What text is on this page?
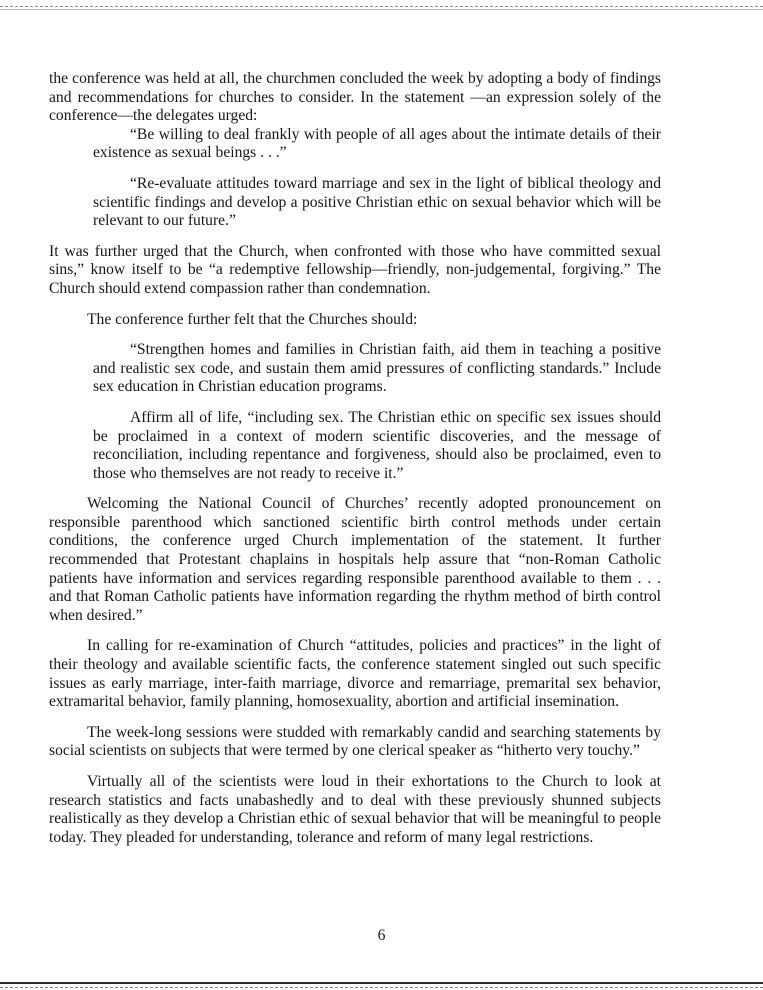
the conference was held at all, the churchmen concluded the week by adopting a body of findings and recommendations for churches to consider. In the statement —an expression solely of the conference—the delegates urged:

“Be willing to deal frankly with people of all ages about the intimate details of their existence as sexual beings . . .”

“Re-evaluate attitudes toward marriage and sex in the light of biblical theology and scientific findings and develop a positive Christian ethic on sexual behavior which will be relevant to our future.”

It was further urged that the Church, when confronted with those who have committed sexual sins,” know itself to be “a redemptive fellowship—friendly, non-judgemental, forgiving.” The Church should extend compassion rather than condemnation.

The conference further felt that the Churches should:

“Strengthen homes and families in Christian faith, aid them in teaching a positive and realistic sex code, and sustain them amid pressures of conflicting standards.” Include sex education in Christian education programs.

Affirm all of life, “including sex. The Christian ethic on specific sex issues should be proclaimed in a context of modern scientific discoveries, and the message of reconciliation, including repentance and forgiveness, should also be proclaimed, even to those who themselves are not ready to receive it.”

Welcoming the National Council of Churches’ recently adopted pronouncement on responsible parenthood which sanctioned scientific birth control methods under certain conditions, the conference urged Church implementation of the statement. It further recommended that Protestant chaplains in hospitals help assure that “non-Roman Catholic patients have information and services regarding responsible parenthood available to them . . . and that Roman Catholic patients have information regarding the rhythm method of birth control when desired.”

In calling for re-examination of Church “attitudes, policies and practices” in the light of their theology and available scientific facts, the conference statement singled out such specific issues as early marriage, inter-faith marriage, divorce and remarriage, premarital sex behavior, extramarital behavior, family planning, homosexuality, abortion and artificial insemination.

The week-long sessions were studded with remarkably candid and searching statements by social scientists on subjects that were termed by one clerical speaker as “hitherto very touchy.”

Virtually all of the scientists were loud in their exhortations to the Church to look at research statistics and facts unabashedly and to deal with these previously shunned subjects realistically as they develop a Christian ethic of sexual behavior that will be meaningful to people today. They pleaded for understanding, tolerance and reform of many legal restrictions.

6
